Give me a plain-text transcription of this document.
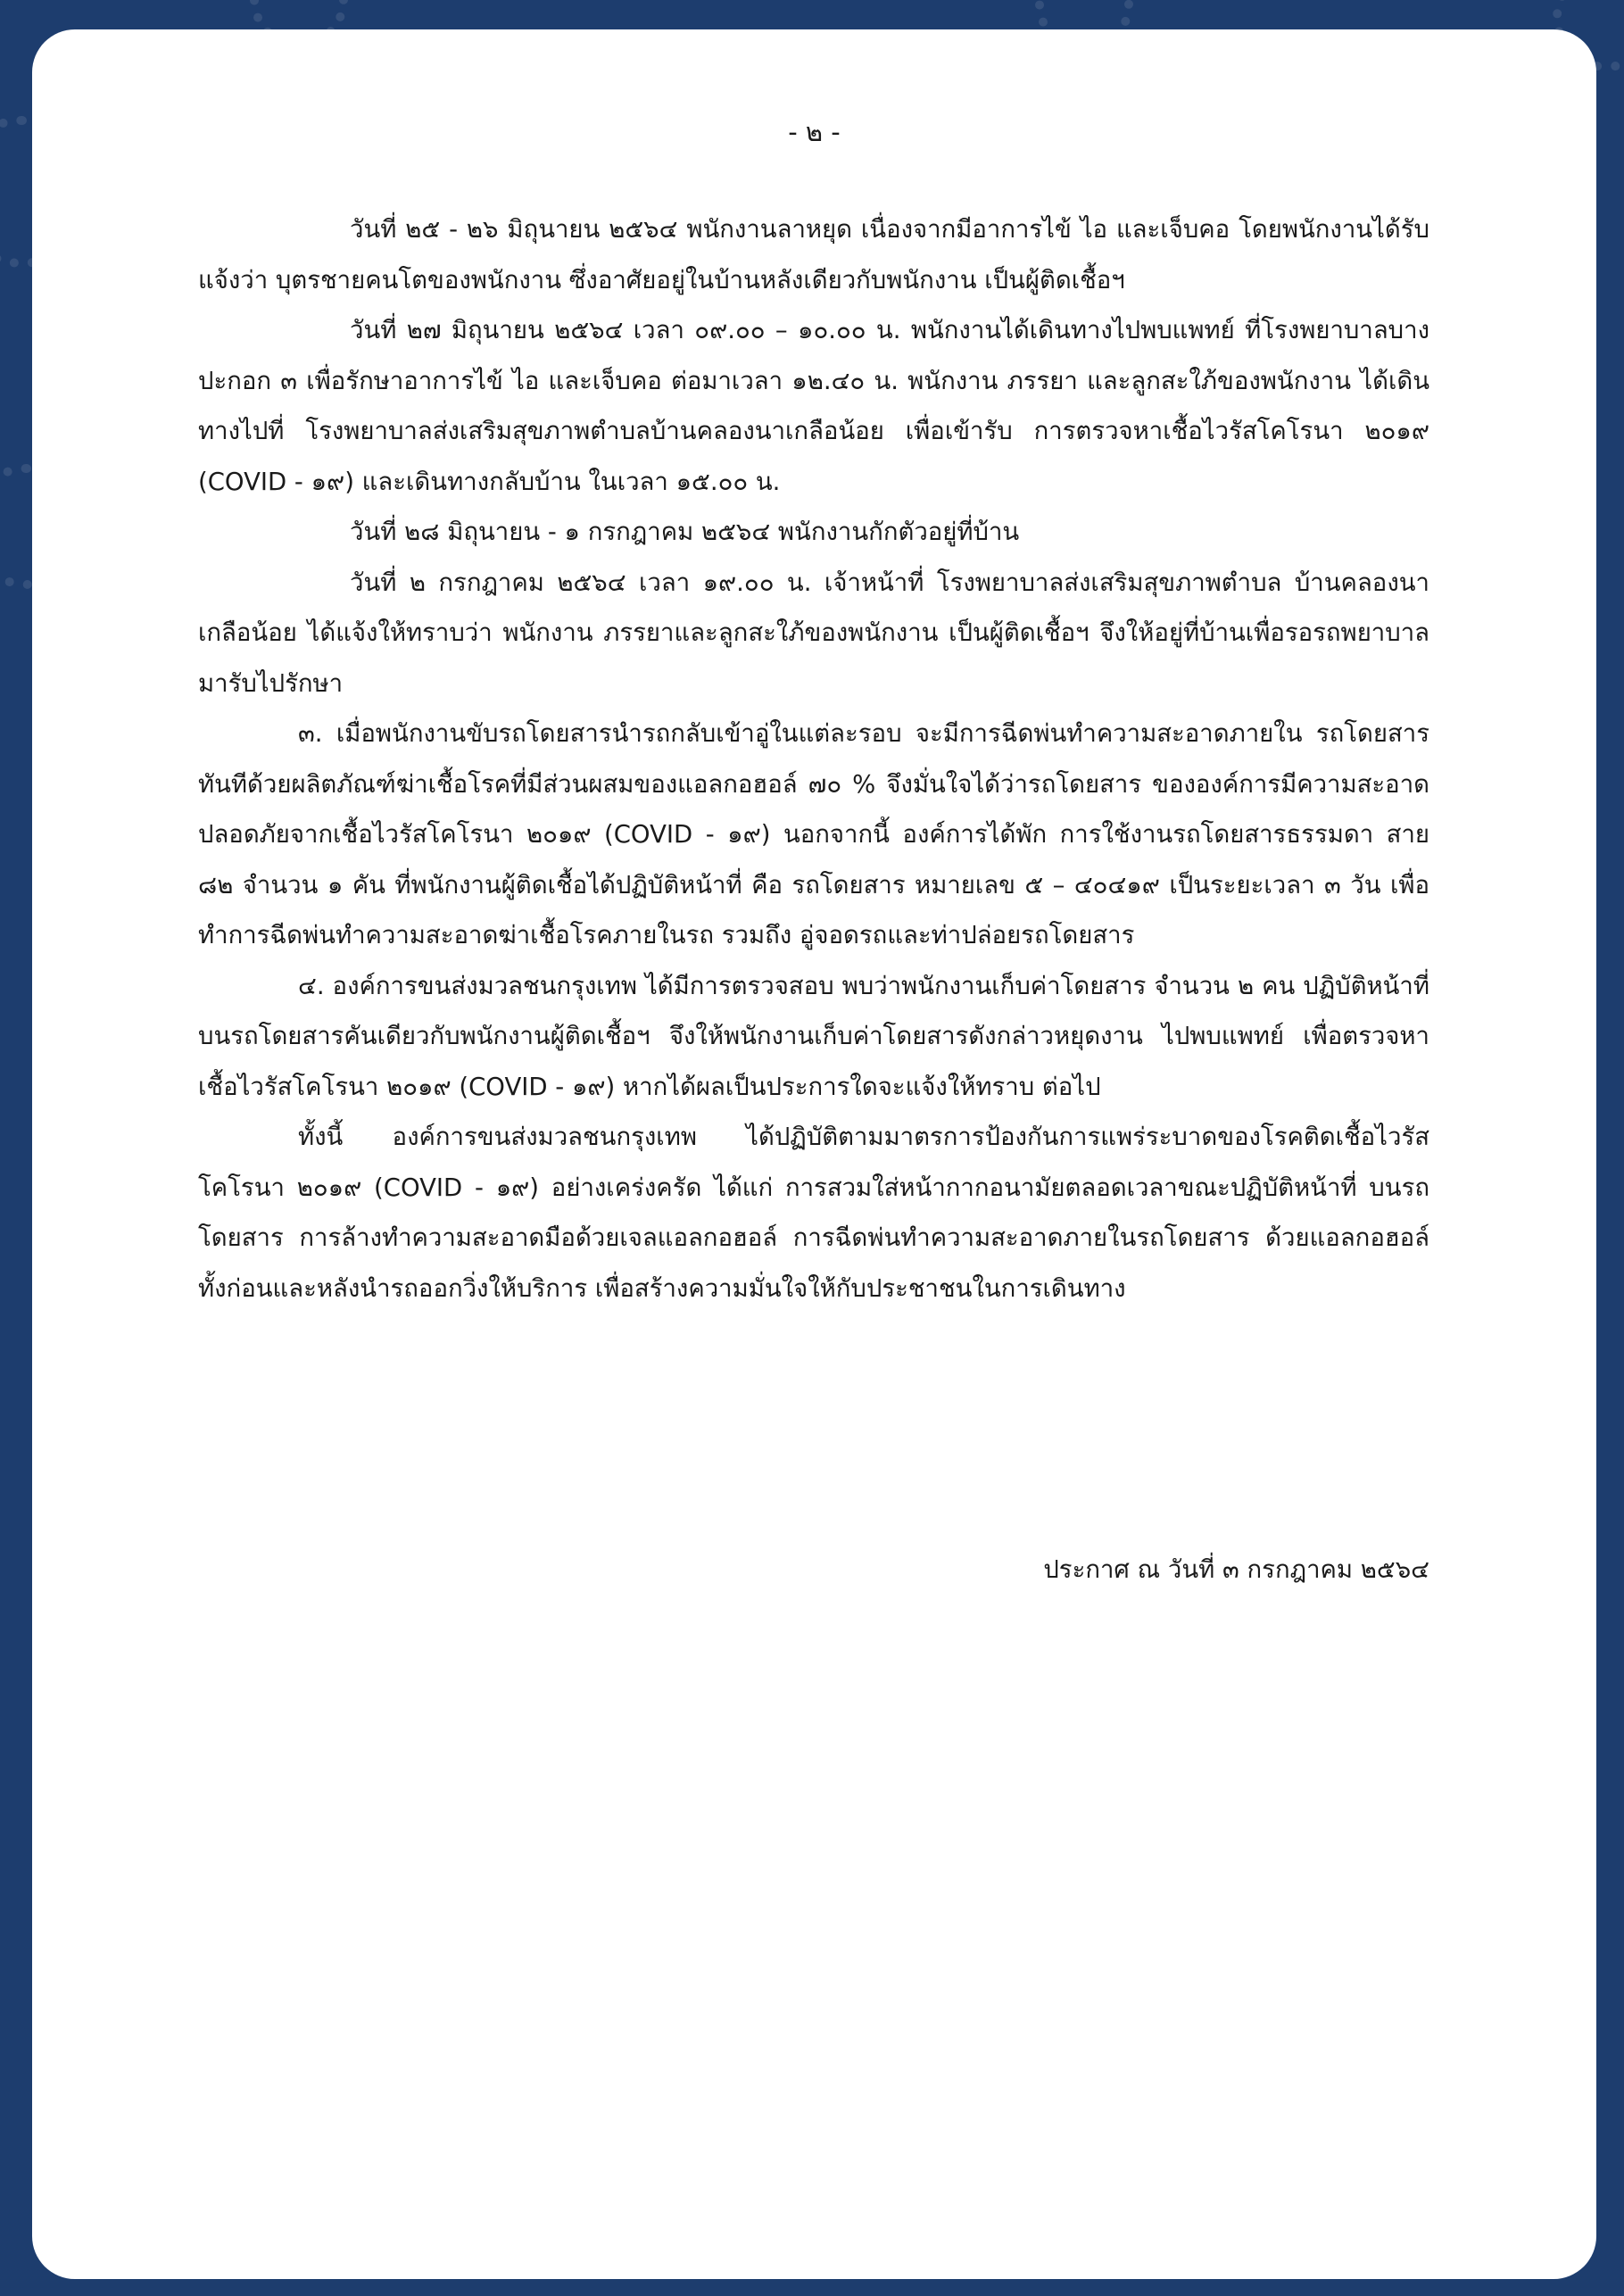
- ๒ -

วันที่ ๒๕ - ๒๖ มิถุนายน ๒๕๖๔ พนักงานลาหยุด เนื่องจากมีอาการไข้ ไอ และเจ็บคอ โดยพนักงานได้รับแจ้งว่า บุตรชายคนโตของพนักงาน ซึ่งอาศัยอยู่ในบ้านหลังเดียวกับพนักงาน เป็นผู้ติดเชื้อฯ

วันที่ ๒๗ มิถุนายน ๒๕๖๔ เวลา ๐๙.๐๐ – ๑๐.๐๐ น. พนักงานได้เดินทางไปพบแพทย์ ที่โรงพยาบาลบางปะกอก ๓ เพื่อรักษาอาการไข้ ไอ และเจ็บคอ ต่อมาเวลา ๑๒.๔๐ น. พนักงาน ภรรยา และลูกสะใภ้ของพนักงาน ได้เดินทางไปที่ โรงพยาบาลส่งเสริมสุขภาพตำบลบ้านคลองนาเกลือน้อย เพื่อเข้ารับ การตรวจหาเชื้อไวรัสโคโรนา ๒๐๑๙ (COVID - ๑๙) และเดินทางกลับบ้าน ในเวลา ๑๕.๐๐ น.

วันที่ ๒๘ มิถุนายน - ๑ กรกฎาคม ๒๕๖๔ พนักงานกักตัวอยู่ที่บ้าน

วันที่ ๒ กรกฎาคม ๒๕๖๔ เวลา ๑๙.๐๐ น. เจ้าหน้าที่ โรงพยาบาลส่งเสริมสุขภาพตำบล บ้านคลองนาเกลือน้อย ได้แจ้งให้ทราบว่า พนักงาน ภรรยาและลูกสะใภ้ของพนักงาน เป็นผู้ติดเชื้อฯ จึงให้อยู่ที่บ้านเพื่อรอรถพยาบาลมารับไปรักษา

๓. เมื่อพนักงานขับรถโดยสารนำรถกลับเข้าอู่ในแต่ละรอบ จะมีการฉีดพ่นทำความสะอาดภายใน รถโดยสารทันทีด้วยผลิตภัณฑ์ฆ่าเชื้อโรคที่มีส่วนผสมของแอลกอฮอล์ ๗๐ % จึงมั่นใจได้ว่ารถโดยสาร ขององค์การมีความสะอาด ปลอดภัยจากเชื้อไวรัสโคโรนา ๒๐๑๙ (COVID - ๑๙) นอกจากนี้ องค์การได้พัก การใช้งานรถโดยสารธรรมดา สาย ๘๒ จำนวน ๑ คัน ที่พนักงานผู้ติดเชื้อได้ปฏิบัติหน้าที่ คือ รถโดยสาร หมายเลข ๕ – ๔๐๔๑๙ เป็นระยะเวลา ๓ วัน เพื่อทำการฉีดพ่นทำความสะอาดฆ่าเชื้อโรคภายในรถ รวมถึง อู่จอดรถและท่าปล่อยรถโดยสาร

๔. องค์การขนส่งมวลชนกรุงเทพ ได้มีการตรวจสอบ พบว่าพนักงานเก็บค่าโดยสาร จำนวน ๒ คน ปฏิบัติหน้าที่บนรถโดยสารคันเดียวกับพนักงานผู้ติดเชื้อฯ จึงให้พนักงานเก็บค่าโดยสารดังกล่าวหยุดงาน ไปพบแพทย์ เพื่อตรวจหาเชื้อไวรัสโคโรนา ๒๐๑๙ (COVID - ๑๙) หากได้ผลเป็นประการใดจะแจ้งให้ทราบ ต่อไป

ทั้งนี้ องค์การขนส่งมวลชนกรุงเทพ ได้ปฏิบัติตามมาตรการป้องกันการแพร่ระบาดของโรคติดเชื้อไวรัส โคโรนา ๒๐๑๙ (COVID - ๑๙) อย่างเคร่งครัด ได้แก่ การสวมใส่หน้ากากอนามัยตลอดเวลาขณะปฏิบัติหน้าที่ บนรถโดยสาร การล้างทำความสะอาดมือด้วยเจลแอลกอฮอล์ การฉีดพ่นทำความสะอาดภายในรถโดยสาร ด้วยแอลกอฮอล์ ทั้งก่อนและหลังนำรถออกวิ่งให้บริการ เพื่อสร้างความมั่นใจให้กับประชาชนในการเดินทาง

ประกาศ ณ วันที่ ๓ กรกฎาคม ๒๕๖๔
